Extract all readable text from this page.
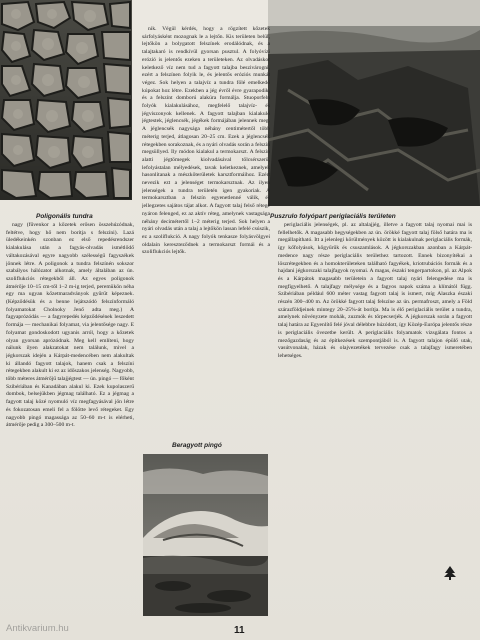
Poligonális tundra	Puszrulo folyópart periglaciális területen
Beragyott pingó

nagy (fűvenkor a kőzetek erősen összehúzódnak, feltétve, hogy hő nem borítja s felszíni). Lazá üledékeinkén szonban ez első repedésrendszer kialakulása után a fagyás-olvadás ismétlődő váltakozásával egyre nagyobb szélességű fagyszékek jönnek létre. A poligonok a tundra felszínén sokszor szabályos hálózatot alkotnak, amely általában az ún. szoliflukciós rétegekből áll. Az egyes poligonok átmérője 10–15 cm-től 1–2 m-ig terjed, peremükön néha egy ma ugyan kőzetmaradványok gyűrűt képeznek. (Képződésük és a benne lejátszódó felszínformáló folyamatokat Cholnoky Jenő adta meg.) A fagyaprózódás — a fagyrepedés képződésének leszedett formája — mechanikai folyamat, via jelentősége nagy. E folyamat gondoskodott ugyanis arról, hogy a kőzetek olyan gyorsan aprózódnak. Meg kell említeni, hogy nálunk ilyen alakzatokat nem találunk, mivel a jégkorszak idején a Kárpát-medencében nem alakultak ki állandó fagyott talajok, hanem csak a felszíni rétegekben alakult ki ez az időszakos jelenség. Nagyobb, több méteres átmérőjű talajjégtest — ún. pingó — főként Szibériában és Kanadában alakul ki. Ezek kupolaszerű dombok, belsejükben jégmag található. Ez a jégmag a fagyott talaj közé nyomuló víz megfagyásával jön létre és fokozatosan emeli fel a fölötte levő rétegeket. Egy nagyobb pingó magassága az 50–60 m-t is elérheti, átmérője pedig a 300–500 m-t.

nik. Végül kérdés, hogy a rögzített kőzetek sárfolyásként mozognak le a lejtőn. Kis területen belül, lejtőkön a bolygatott felszínek erodálódnak, és a talajtakaró is rendkívül gyorsan pusztul. A folyóvízi erózió is jelentős ezeken a területeken. Az olvadáskor keletkező víz nem tud a fagyott talajba beszivárogni, ezért a felszínen folyik le, és jelentős eróziós munkát végez. Sok helyen a talajvíz a tundra fölé emelkedő kúpokat hoz létre. Ezekben a jég évről évre gyarapodik, és a felszínt domború alakúra formálja. Stuoporfeln folyók kialakulásához, megfelelő talajvíz- és jégviszonyok kellenek. A fagyott talajban kialakuló jégtestek, jéglencsék, jégékek formájában jelennek meg. A jéglencsék nagysága néhány centimétertől több méterig terjed, átlagosan 20–25 cm. Ezek a jéglencsék rétegekben sorakoznak, és a nyári olvadás során a felszín megsüllyed. Ily módon kialakul a termokarszt. A felszín alatti jégtömegek kiolvadásával tölcsérszerű, lefolyástalan mélyedések, tavak keletkeznek, amelyek hasonlítanak a mészkőterületek karsztformáihoz. Ezért nevezik ezt a jelenséget termokarsztnak. Az ilyen jelenségek a tundra területén igen gyakoriak. A termokarsztban a felszín egyenetlenné válik, és jellegzetes sajátos tájat alkot. A fagyott talaj felső rétege nyáron felenged, ez az aktív réteg, amelynek vastagsága néhány decimétertől 1–2 méterig terjed. Sok helyen a nyári olvadás után a talaj a lejtőkön lassan lefelé csúszik, ez a szoliflukció. A nagy folyók tenkasze folyásvölgyei oldalain kereszteződnek a termokarszt formái és a szoliflukciós lejtők.

periglaciális jelenségek, pl. az altalajjég, illetve a fagyott talaj nyomai mai is fellelhetők. A magasabb hegységekben az ún. örökké fagyott talaj fölső határa ma is megállapítható. Itt a jelenlegi körülmények között is kialakulnak periglaciális formák, így kőfolyások, kőgyűrűk és csuszamlások. A jégkorszakban azonban a Kárpát-medence nagy része periglaciális területhez tartozott. Ennek bizonyítékai a löszrétegekben és a homokterületeken található fagyékek, kriotrubációs formák és a hajdani jégkorszaki talajfagyok nyomai. A magas, északi tengerpartokon, pl. az Alpok és a Kárpátok magasabb területein a fagyott talaj nyári felengedése ma is megfigyelhető. A talajfagy mélysége és a fagyos napok száma a klímától függ. Szibériában például 600 méter vastag fagyott talaj is ismert, míg Alaszka északi részén 300–400 m. Az örökké fagyott talaj felszíne az ún. permafroszt, amely a Föld szárazföldjeinek mintegy 20–25%-át borítja. Ma is élő periglaciális terület a tundra, amelynek növényzete mohák, zuzmók és törpecserjék. A jégkorszak során a fagyott talaj határa az Egyenlítő felé jóval délebbre húzódott, így Közép-Európa jelentős része is periglaciális övezetbe került. A periglaciális folyamatok vizsgálata fontos a mezőgazdaság és az építkezések szempontjából is. A fagyott talajon épülő utak, vasútvonalak, házak és olajvezetékek tervezése csak a talajfagy ismeretében lehetséges.

11
Antikvarium.hu
